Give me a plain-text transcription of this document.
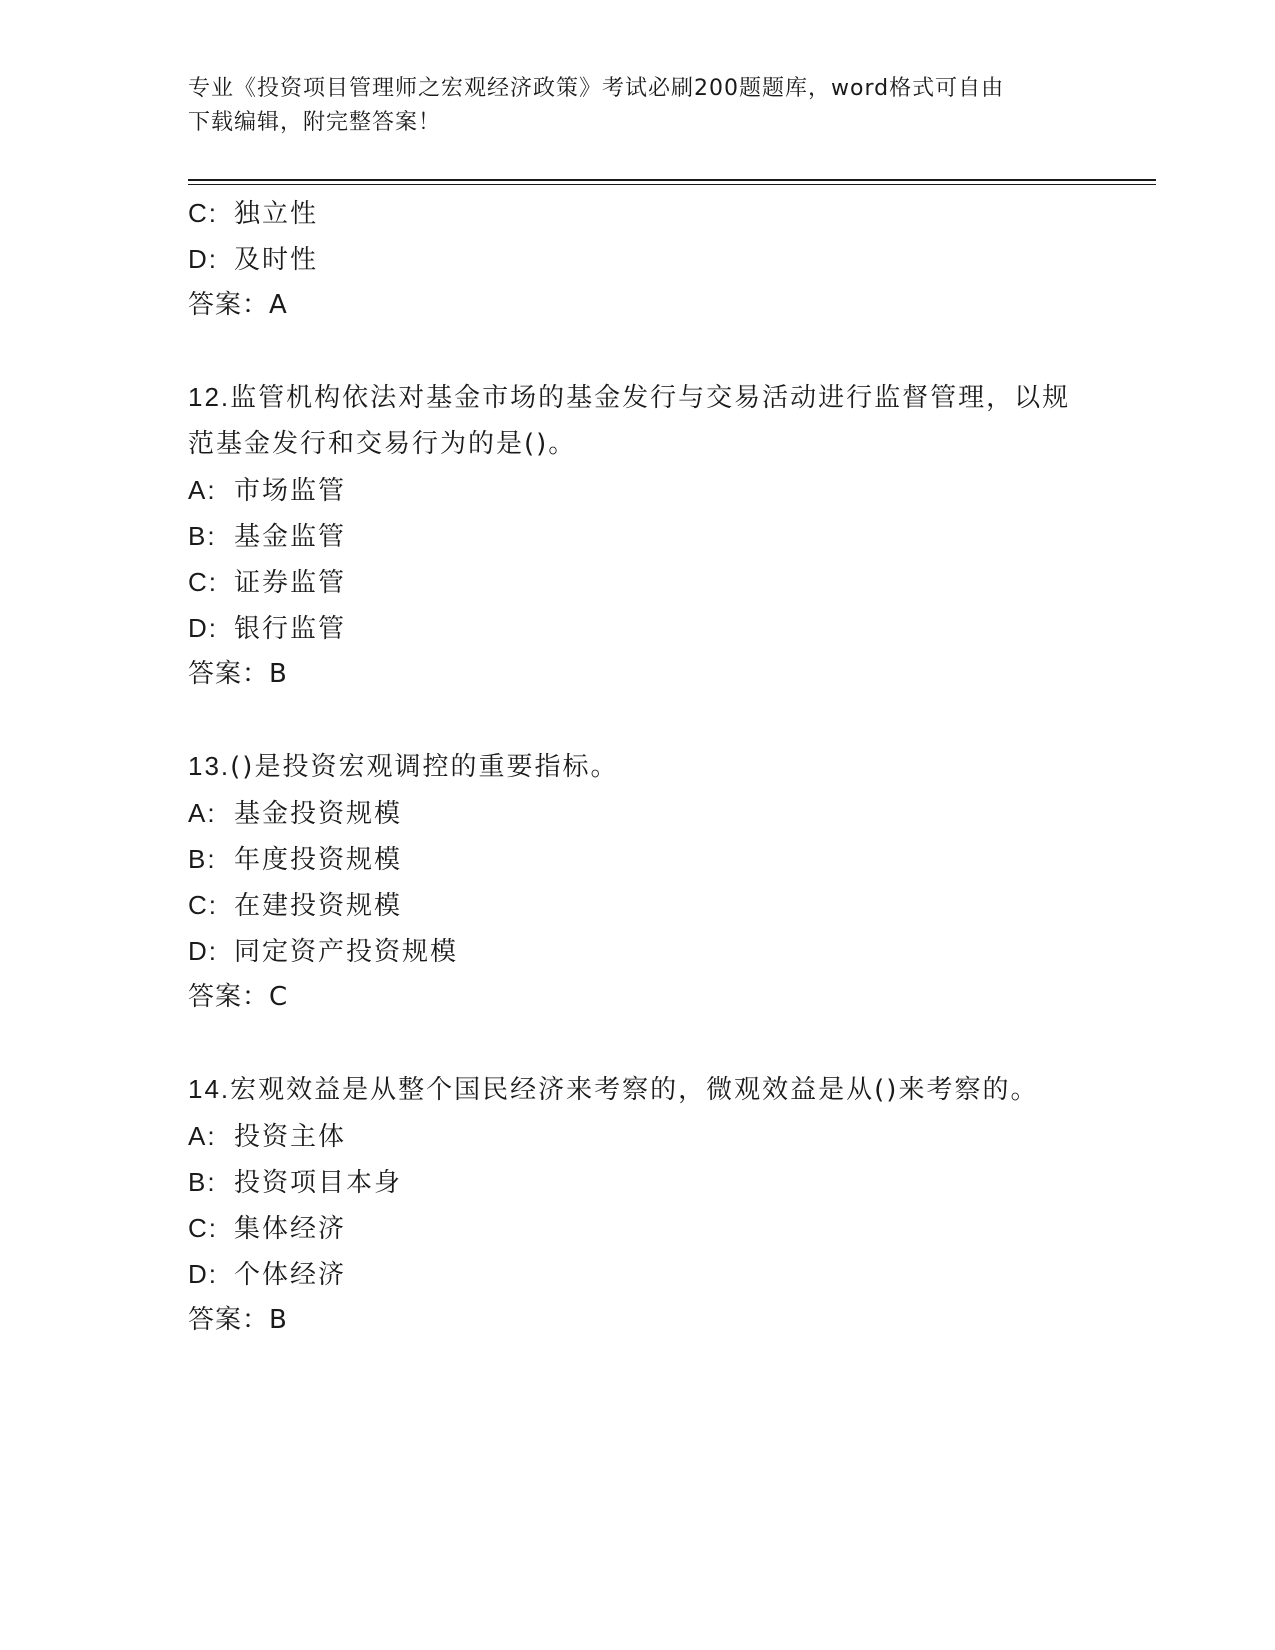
专业《投资项目管理师之宏观经济政策》考试必刷200题题库，word格式可自由
下载编辑，附完整答案！
C: 独立性
D: 及时性
答案：A
12.监管机构依法对基金市场的基金发行与交易活动进行监督管理，以规范基金发行和交易行为的是()。
A: 市场监管
B: 基金监管
C: 证券监管
D: 银行监管
答案：B
13.()是投资宏观调控的重要指标。
A: 基金投资规模
B: 年度投资规模
C: 在建投资规模
D: 同定资产投资规模
答案：C
14.宏观效益是从整个国民经济来考察的，微观效益是从()来考察的。
A: 投资主体
B: 投资项目本身
C: 集体经济
D: 个体经济
答案：B
